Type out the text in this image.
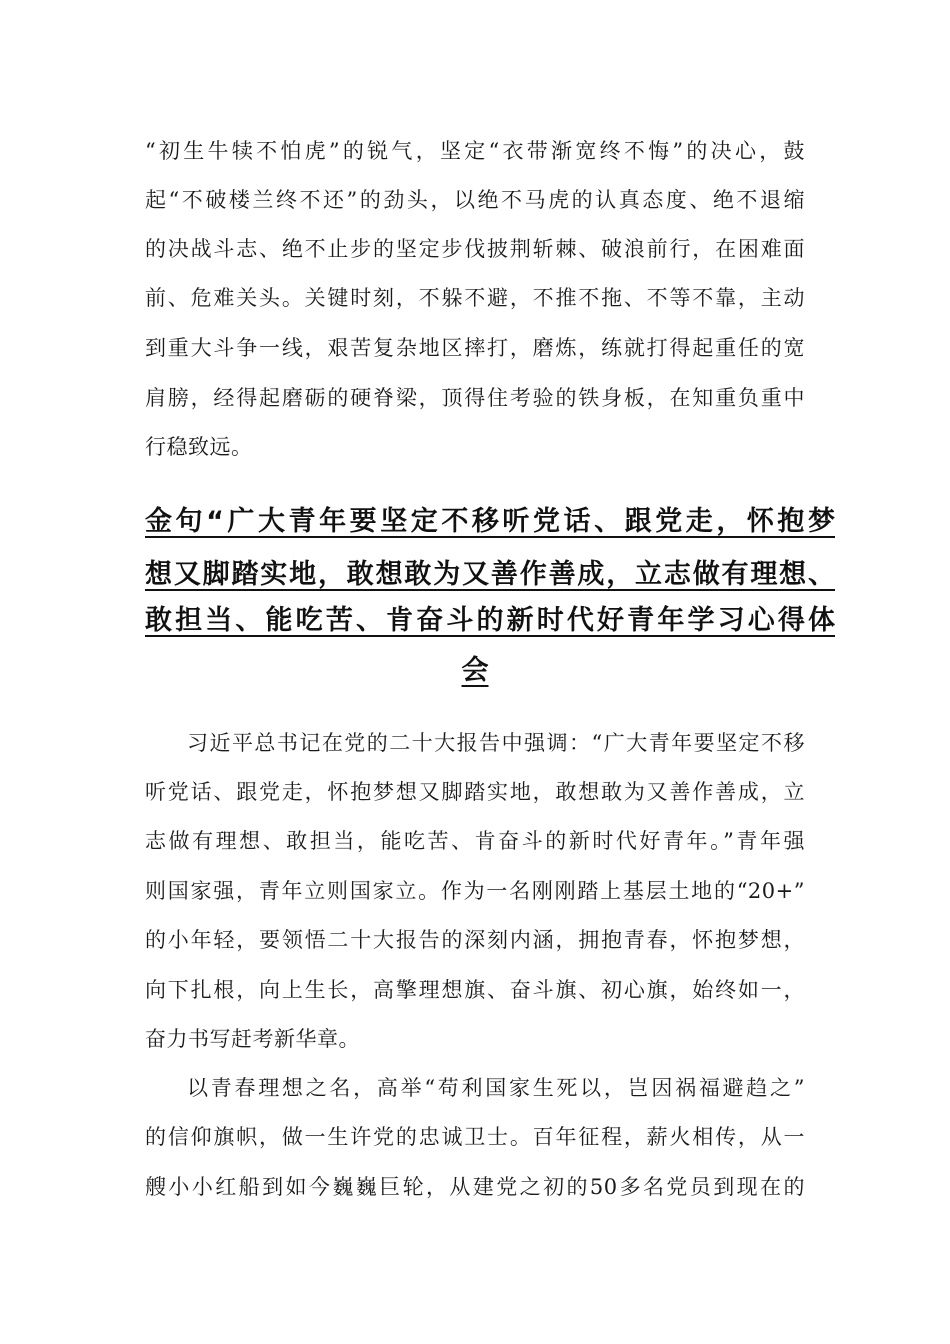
“初生牛犊不怕虎”的锐气，坚定“衣带渐宽终不悔”的决心，鼓
起“不破楼兰终不还”的劲头，以绝不马虎的认真态度、绝不退缩
的决战斗志、绝不止步的坚定步伐披荆斩棘、破浪前行，在困难面
前、危难关头。关键时刻，不躲不避，不推不拖、不等不靠，主动
到重大斗争一线，艰苦复杂地区摔打，磨炼，练就打得起重任的宽
肩膀，经得起磨砺的硬脊梁，顶得住考验的铁身板，在知重负重中
行稳致远。
金句“广大青年要坚定不移听党话、跟党走，怀抱梦
想又脚踏实地，敢想敢为又善作善成，立志做有理想、
敢担当、能吃苦、肯奋斗的新时代好青年学习心得体
会
习近平总书记在党的二十大报告中强调：“广大青年要坚定不移
听党话、跟党走，怀抱梦想又脚踏实地，敢想敢为又善作善成，立
志做有理想、敢担当，能吃苦、肯奋斗的新时代好青年。”青年强
则国家强，青年立则国家立。作为一名刚刚踏上基层土地的“20+”
的小年轻，要领悟二十大报告的深刻内涵，拥抱青春，怀抱梦想，
向下扎根，向上生长，高擎理想旗、奋斗旗、初心旗，始终如一，
奋力书写赶考新华章。
以青春理想之名，高举“苟利国家生死以，岂因祸福避趋之”
的信仰旗帜，做一生许党的忠诚卫士。百年征程，薪火相传，从一
艘小小红船到如今巍巍巨轮，从建党之初的50多名党员到现在的
